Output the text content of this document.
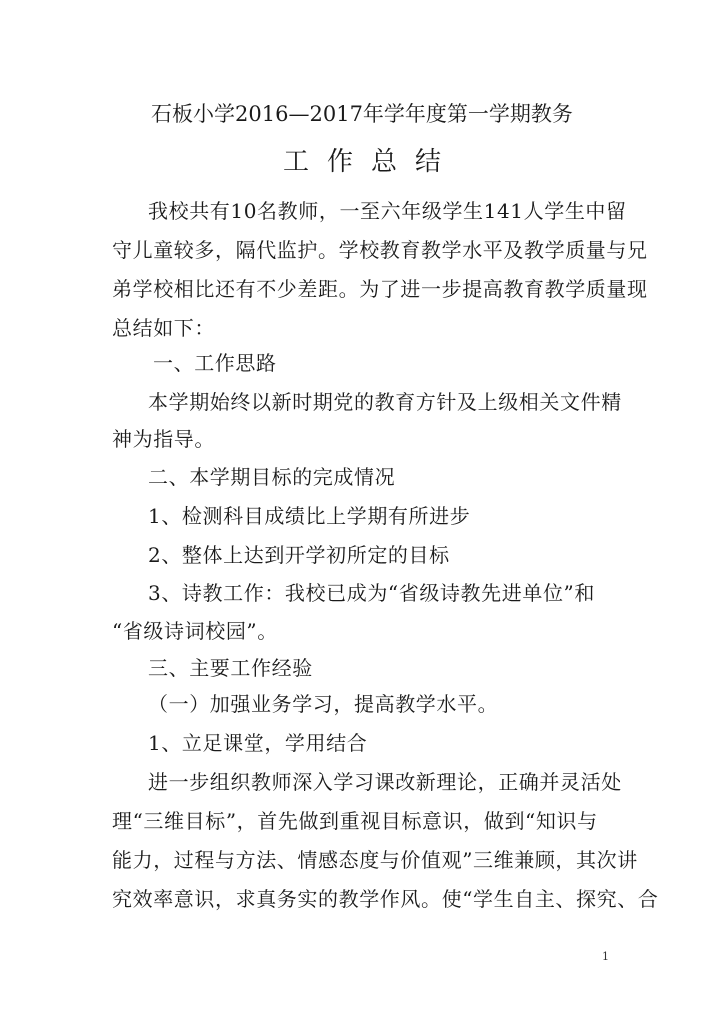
石板小学2016—2017年学年度第一学期教务
工作总结
我校共有10名教师，一至六年级学生141人学生中留
守儿童较多，隔代监护。学校教育教学水平及教学质量与兄
弟学校相比还有不少差距。为了进一步提高教育教学质量现
总结如下：
一、工作思路
本学期始终以新时期党的教育方针及上级相关文件精
神为指导。
二、本学期目标的完成情况
1、检测科目成绩比上学期有所进步
2、整体上达到开学初所定的目标
3、诗教工作：我校已成为“省级诗教先进单位”和
“省级诗词校园”。
三、主要工作经验
（一）加强业务学习，提高教学水平。
1、立足课堂，学用结合
进一步组织教师深入学习课改新理论，正确并灵活处
理“三维目标”，首先做到重视目标意识，做到“知识与
能力，过程与方法、情感态度与价值观”三维兼顾，其次讲
究效率意识，求真务实的教学作风。使“学生自主、探究、合
1
